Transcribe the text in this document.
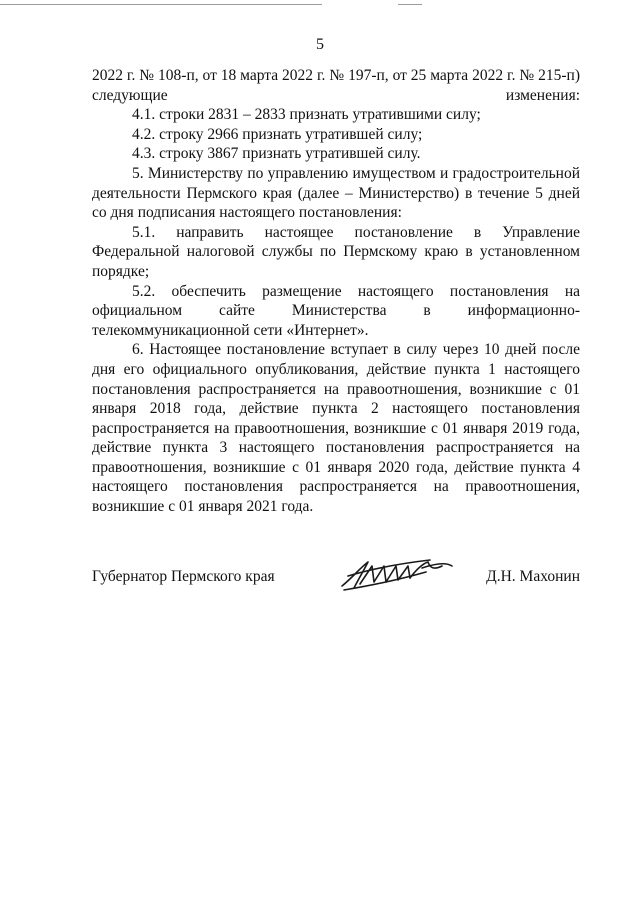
5

2022 г. № 108-п, от 18 марта 2022 г. № 197-п, от 25 марта 2022 г. № 215-п) следующие изменения:

4.1. строки 2831 – 2833 признать утратившими силу;

4.2. строку 2966 признать утратившей силу;

4.3. строку 3867 признать утратившей силу.

5. Министерству по управлению имуществом и градостроительной деятельности Пермского края (далее – Министерство) в течение 5 дней со дня подписания настоящего постановления:

5.1. направить настоящее постановление в Управление Федеральной налоговой службы по Пермскому краю в установленном порядке;

5.2. обеспечить размещение настоящего постановления на официальном сайте Министерства в информационно-телекоммуникационной сети «Интернет».

6. Настоящее постановление вступает в силу через 10 дней после дня его официального опубликования, действие пункта 1 настоящего постановления распространяется на правоотношения, возникшие с 01 января 2018 года, действие пункта 2 настоящего постановления распространяется на правоотношения, возникшие с 01 января 2019 года, действие пункта 3 настоящего постановления распространяется на правоотношения, возникшие с 01 января 2020 года, действие пункта 4 настоящего постановления распространяется на правоотношения, возникшие с 01 января 2021 года.

Губернатор Пермского края	Д.Н. Махонин
